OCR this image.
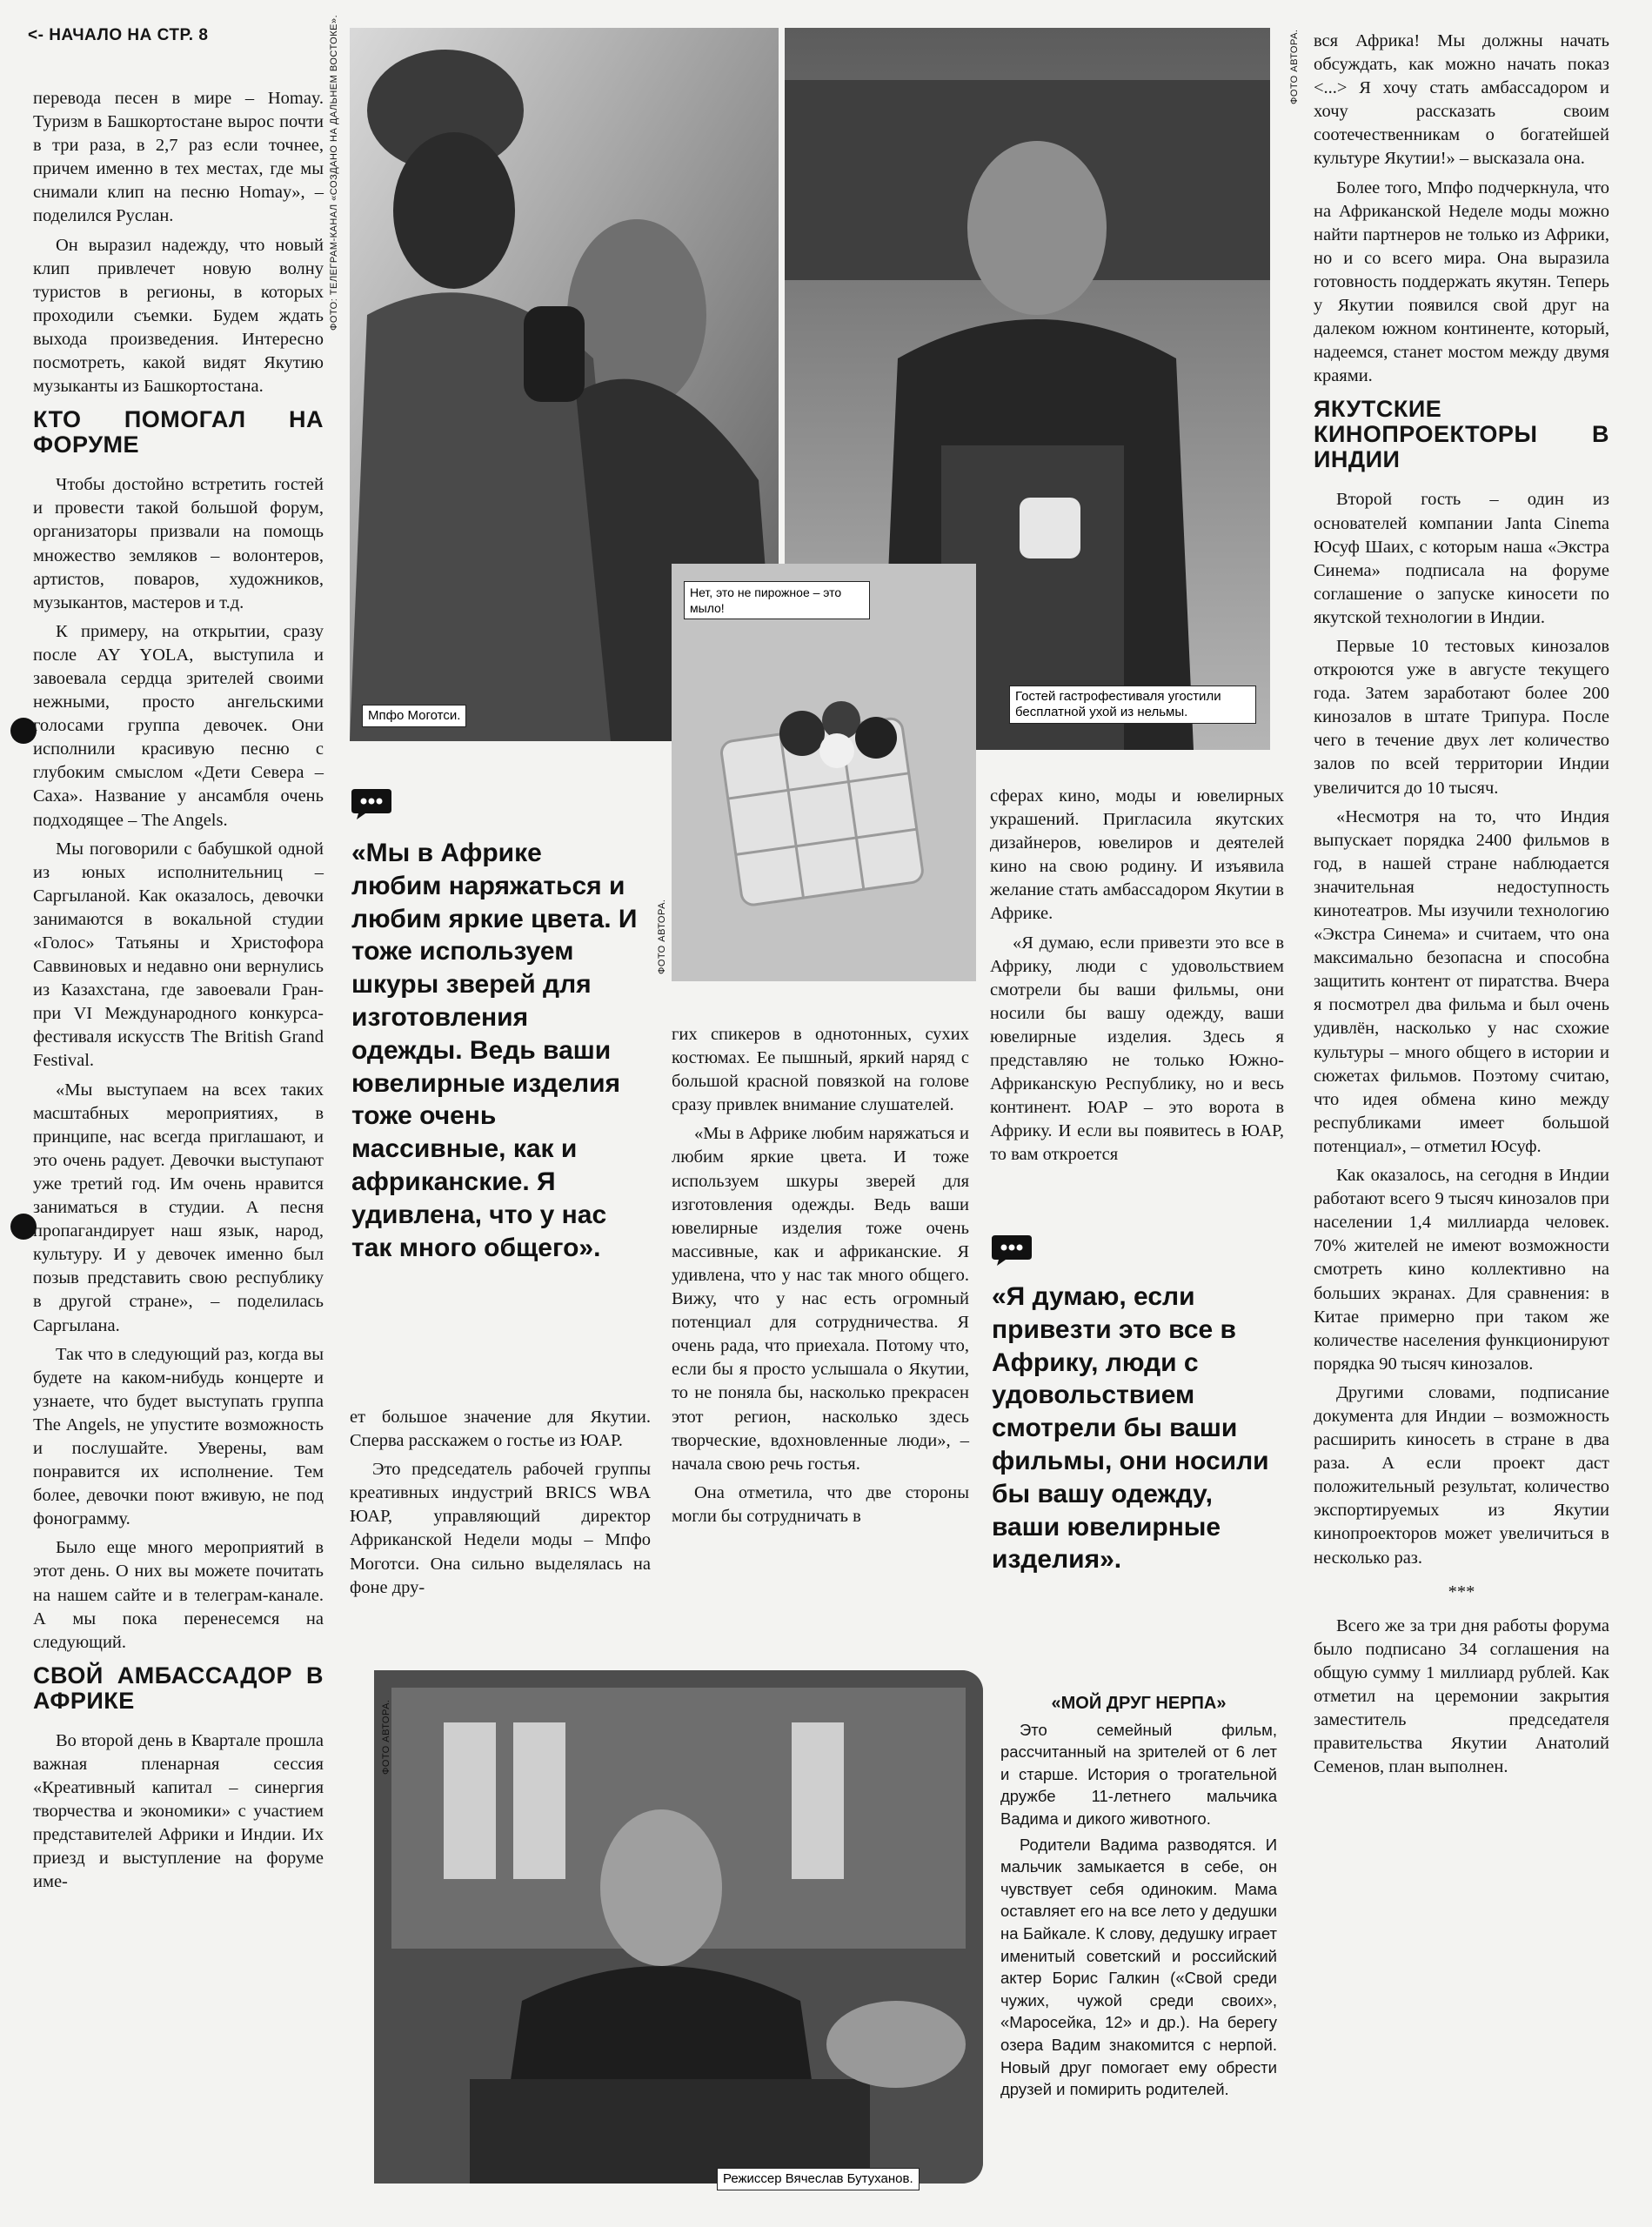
<- НАЧАЛО НА СТР. 8

перевода песен в мире – Homay. Туризм в Башкортостане вырос почти в три раза, в 2,7 раз если точнее, причем именно в тех местах, где мы снимали клип на песню Homay», – поделился Руслан.

Он выразил надежду, что новый клип привлечет новую волну туристов в регионы, в которых проходили съемки. Будем ждать выхода произведения. Интересно посмотреть, какой видят Якутию музыканты из Башкортостана.

КТО ПОМОГАЛ НА ФОРУМЕ

Чтобы достойно встретить гостей и провести такой большой форум, организаторы призвали на помощь множество земляков – волонтеров, артистов, поваров, художников, музыкантов, мастеров и т.д.

К примеру, на открытии, сразу после AY YOLA, выступила и завоевала сердца зрителей своими нежными, просто ангельскими голосами группа девочек. Они исполнили красивую песню с глубоким смыслом «Дети Севера – Саха». Название у ансамбля очень подходящее – The Angels.

Мы поговорили с бабушкой одной из юных исполнительниц – Саргыланой. Как оказалось, девочки занимаются в вокальной студии «Голос» Татьяны и Христофора Саввиновых и недавно они вернулись из Казахстана, где завоевали Гран-при VI Международного конкурса-фестиваля искусств The British Grand Festival.

«Мы выступаем на всех таких масштабных мероприятиях, в принципе, нас всегда приглашают, и это очень радует. Девочки выступают уже третий год. Им очень нравится заниматься в студии. А песня пропагандирует наш язык, народ, культуру. И у девочек именно был позыв представить свою республику в другой стране», – поделилась Саргылана.

Так что в следующий раз, когда вы будете на каком-нибудь концерте и узнаете, что будет выступать группа The Angels, не упустите возможность и послушайте. Уверены, вам понравится их исполнение. Тем более, девочки поют вживую, не под фонограмму.

Было еще много мероприятий в этот день. О них вы можете почитать на нашем сайте и в телеграм-канале. А мы пока перенесемся на следующий.

СВОЙ АМБАССАДОР В АФРИКЕ

Во второй день в Квартале прошла важная пленарная сессия «Креативный капитал – синергия творчества и экономики» с участием представителей Африки и Индии. Их приезд и выступление на форуме име-

ФОТО: ТЕЛЕГРАМ-КАНАЛ «СОЗДАНО НА ДАЛЬНЕМ ВОСТОКЕ».
Мпфо Моготси.
Гостей гастрофестиваля угостили бесплатной ухой из нельмы.
Нет, это не пирожное – это мыло!
ФОТО АВТОРА.
ФОТО АВТОРА.
Режиссер Вячеслав Бутуханов.
«Мы в Африке любим наряжаться и любим яркие цвета. И тоже используем шкуры зверей для изготовления одежды. Ведь ваши ювелирные изделия тоже очень массивные, как и африканские. Я удивлена, что у нас так много общего».

ет большое значение для Якутии. Сперва расскажем о гостье из ЮАР.

Это председатель рабочей группы креативных индустрий BRICS WBA ЮАР, управляющий директор Африканской Недели моды – Мпфо Моготси. Она сильно выделялась на фоне дру-

гих спикеров в однотонных, сухих костюмах. Ее пышный, яркий наряд с большой красной повязкой на голове сразу привлек внимание слушателей.

«Мы в Африке любим наряжаться и любим яркие цвета. И тоже используем шкуры зверей для изготовления одежды. Ведь ваши ювелирные изделия тоже очень массивные, как и африканские. Я удивлена, что у нас так много общего. Вижу, что у нас есть огромный потенциал для сотрудничества. Я очень рада, что приехала. Потому что, если бы я просто услышала о Якутии, то не поняла бы, насколько прекрасен этот регион, насколько здесь творческие, вдохновленные люди», – начала свою речь гостья.

Она отметила, что две стороны могли бы сотрудничать в

сферах кино, моды и ювелирных украшений. Пригласила якутских дизайнеров, ювелиров и деятелей кино на свою родину. И изъявила желание стать амбассадором Якутии в Африке.

«Я думаю, если привезти это все в Африку, люди с удовольствием смотрели бы ваши фильмы, они носили бы вашу одежду, ваши ювелирные изделия. Здесь я представляю не только Южно-Африканскую Республику, но и весь континент. ЮАР – это ворота в Африку. И если вы появитесь в ЮАР, то вам откроется

«Я думаю, если привезти это все в Африку, люди с удовольствием смотрели бы ваши фильмы, они носили бы вашу одежду, ваши ювелирные изделия».

«МОЙ ДРУГ НЕРПА»

Это семейный фильм, рассчитанный на зрителей от 6 лет и старше. История о трогательной дружбе 11-летнего мальчика Вадима и дикого животного.

Родители Вадима разводятся. И мальчик замыкается в себе, он чувствует себя одиноким. Мама оставляет его на все лето у дедушки на Байкале. К слову, дедушку играет именитый советский и российский актер Борис Галкин («Свой среди чужих, чужой среди своих», «Маросейка, 12» и др.). На берегу озера Вадим знакомится с нерпой. Новый друг помогает ему обрести друзей и помирить родителей.

вся Африка! Мы должны начать обсуждать, как можно начать показ <...> Я хочу стать амбассадором и хочу рассказать своим соотечественникам о богатейшей культуре Якутии!» – высказала она.

Более того, Мпфо подчеркнула, что на Африканской Неделе моды можно найти партнеров не только из Африки, но и со всего мира. Она выразила готовность поддержать якутян. Теперь у Якутии появился свой друг на далеком южном континенте, который, надеемся, станет мостом между двумя краями.

ЯКУТСКИЕ КИНОПРОЕКТОРЫ В ИНДИИ

Второй гость – один из основателей компании Janta Cinema Юсуф Шаих, с которым наша «Экстра Синема» подписала на форуме соглашение о запуске киносети по якутской технологии в Индии.

Первые 10 тестовых кинозалов откроются уже в августе текущего года. Затем заработают более 200 кинозалов в штате Трипура. После чего в течение двух лет количество залов по всей территории Индии увеличится до 10 тысяч.

«Несмотря на то, что Индия выпускает порядка 2400 фильмов в год, в нашей стране наблюдается значительная недоступность кинотеатров. Мы изучили технологию «Экстра Синема» и считаем, что она максимально безопасна и способна защитить контент от пиратства. Вчера я посмотрел два фильма и был очень удивлён, насколько у нас схожие культуры – много общего в истории и сюжетах фильмов. Поэтому считаю, что идея обмена кино между республиками имеет большой потенциал», – отметил Юсуф.

Как оказалось, на сегодня в Индии работают всего 9 тысяч кинозалов при населении 1,4 миллиарда человек. 70% жителей не имеют возможности смотреть кино коллективно на больших экранах. Для сравнения: в Китае примерно при таком же количестве населения функционируют порядка 90 тысяч кинозалов.

Другими словами, подписание документа для Индии – возможность расширить киносеть в стране в два раза. А если проект даст положительный результат, количество экспортируемых из Якутии кинопроекторов может увеличиться в несколько раз.

***

Всего же за три дня работы форума было подписано 34 соглашения на общую сумму 1 миллиард рублей. Как отметил на церемонии закрытия заместитель председателя правительства Якутии Анатолий Семенов, план выполнен.

ФОТО АВТОРА.
